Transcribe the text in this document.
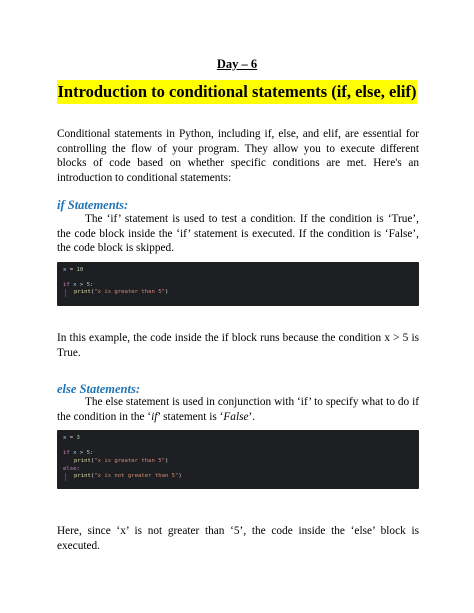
Day – 6
Introduction to conditional statements (if, else, elif)
Conditional statements in Python, including if, else, and elif, are essential for controlling the flow of your program. They allow you to execute different blocks of code based on whether specific conditions are met. Here's an introduction to conditional statements:
if Statements:
The ‘if’ statement is used to test a condition. If the condition is ‘True’, the code block inside the ‘if’ statement is executed. If the condition is ‘False’, the code block is skipped.
x = 10
if x > 5:
print("x is greater than 5")
In this example, the code inside the if block runs because the condition x > 5 is True.
else Statements:
The else statement is used in conjunction with ‘if’ to specify what to do if the condition in the ‘if’ statement is ‘False’.
x = 3
if x > 5:
print("x is greater than 5")
else:
print("x is not greater than 5")
Here, since ‘x’ is not greater than ‘5’, the code inside the ‘else’ block is executed.
